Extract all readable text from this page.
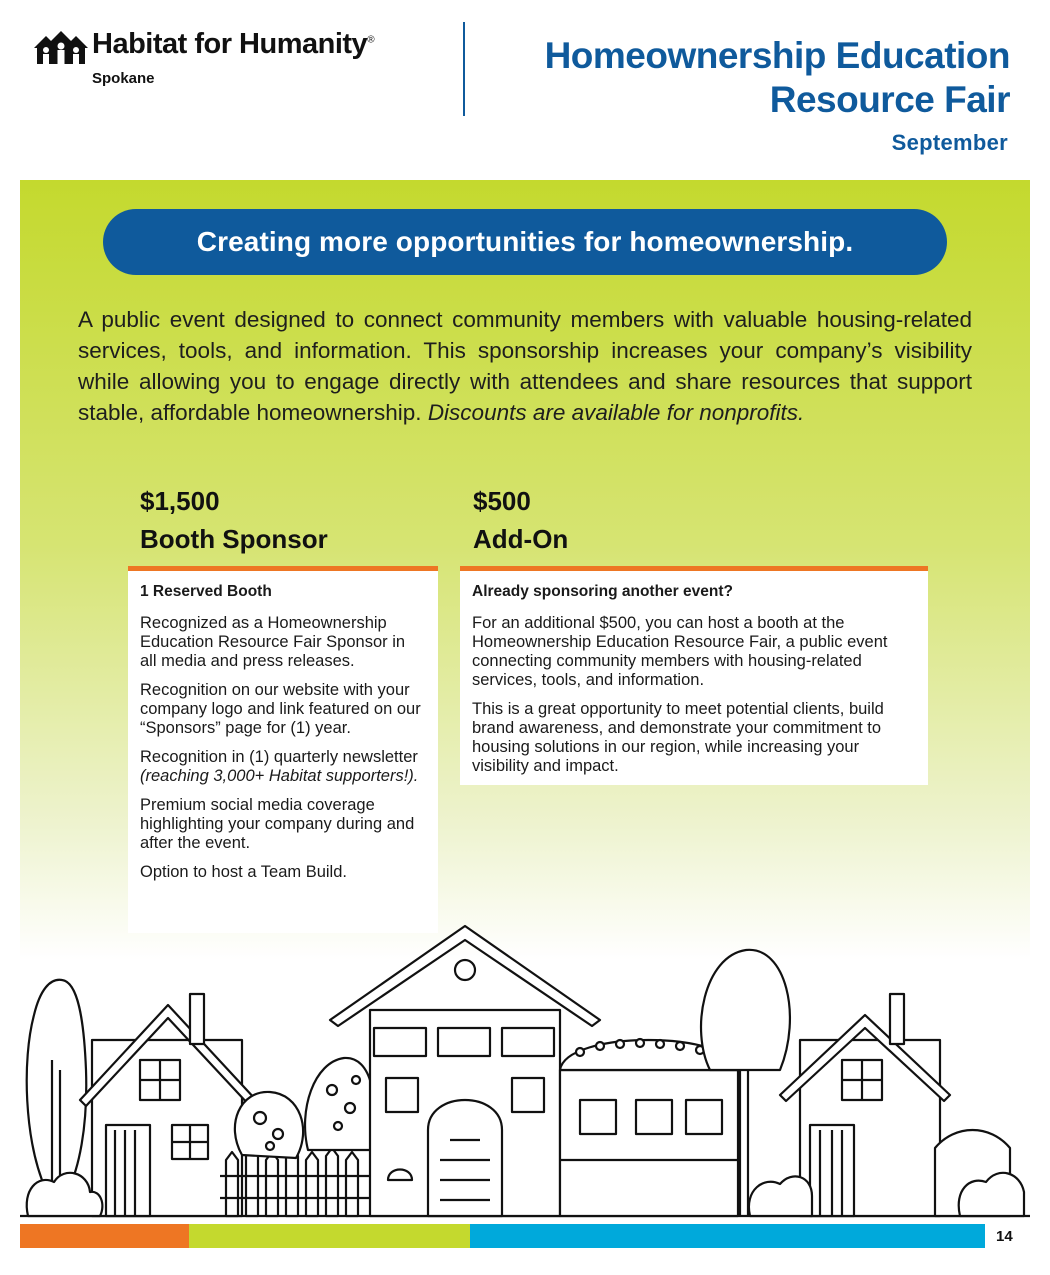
Habitat for Humanity®
Spokane
Homeownership Education
Resource Fair
September
Creating more opportunities for homeownership.

A public event designed to connect community members with valuable housing-related services, tools, and information. This sponsorship increases your company’s visibility while allowing you to engage directly with attendees and share resources that support stable, affordable homeownership. Discounts are available for nonprofits.

$1,500
Booth Sponsor
1 Reserved Booth

Recognized as a Homeownership Education Resource Fair Sponsor in all media and press releases.

Recognition on our website with your company logo and link featured on our “Sponsors” page for (1) year.

Recognition in (1) quarterly newsletter (reaching 3,000+ Habitat supporters!).

Premium social media coverage highlighting your company during and after the event.

Option to host a Team Build.

$500
Add-On
Already sponsoring another event?

For an additional $500, you can host a booth at the Homeownership Education Resource Fair, a public event connecting community members with housing-related services, tools, and information.

This is a great opportunity to meet potential clients, build brand awareness, and demonstrate your commitment to housing solutions in our region, while increasing your visibility and impact.

14
